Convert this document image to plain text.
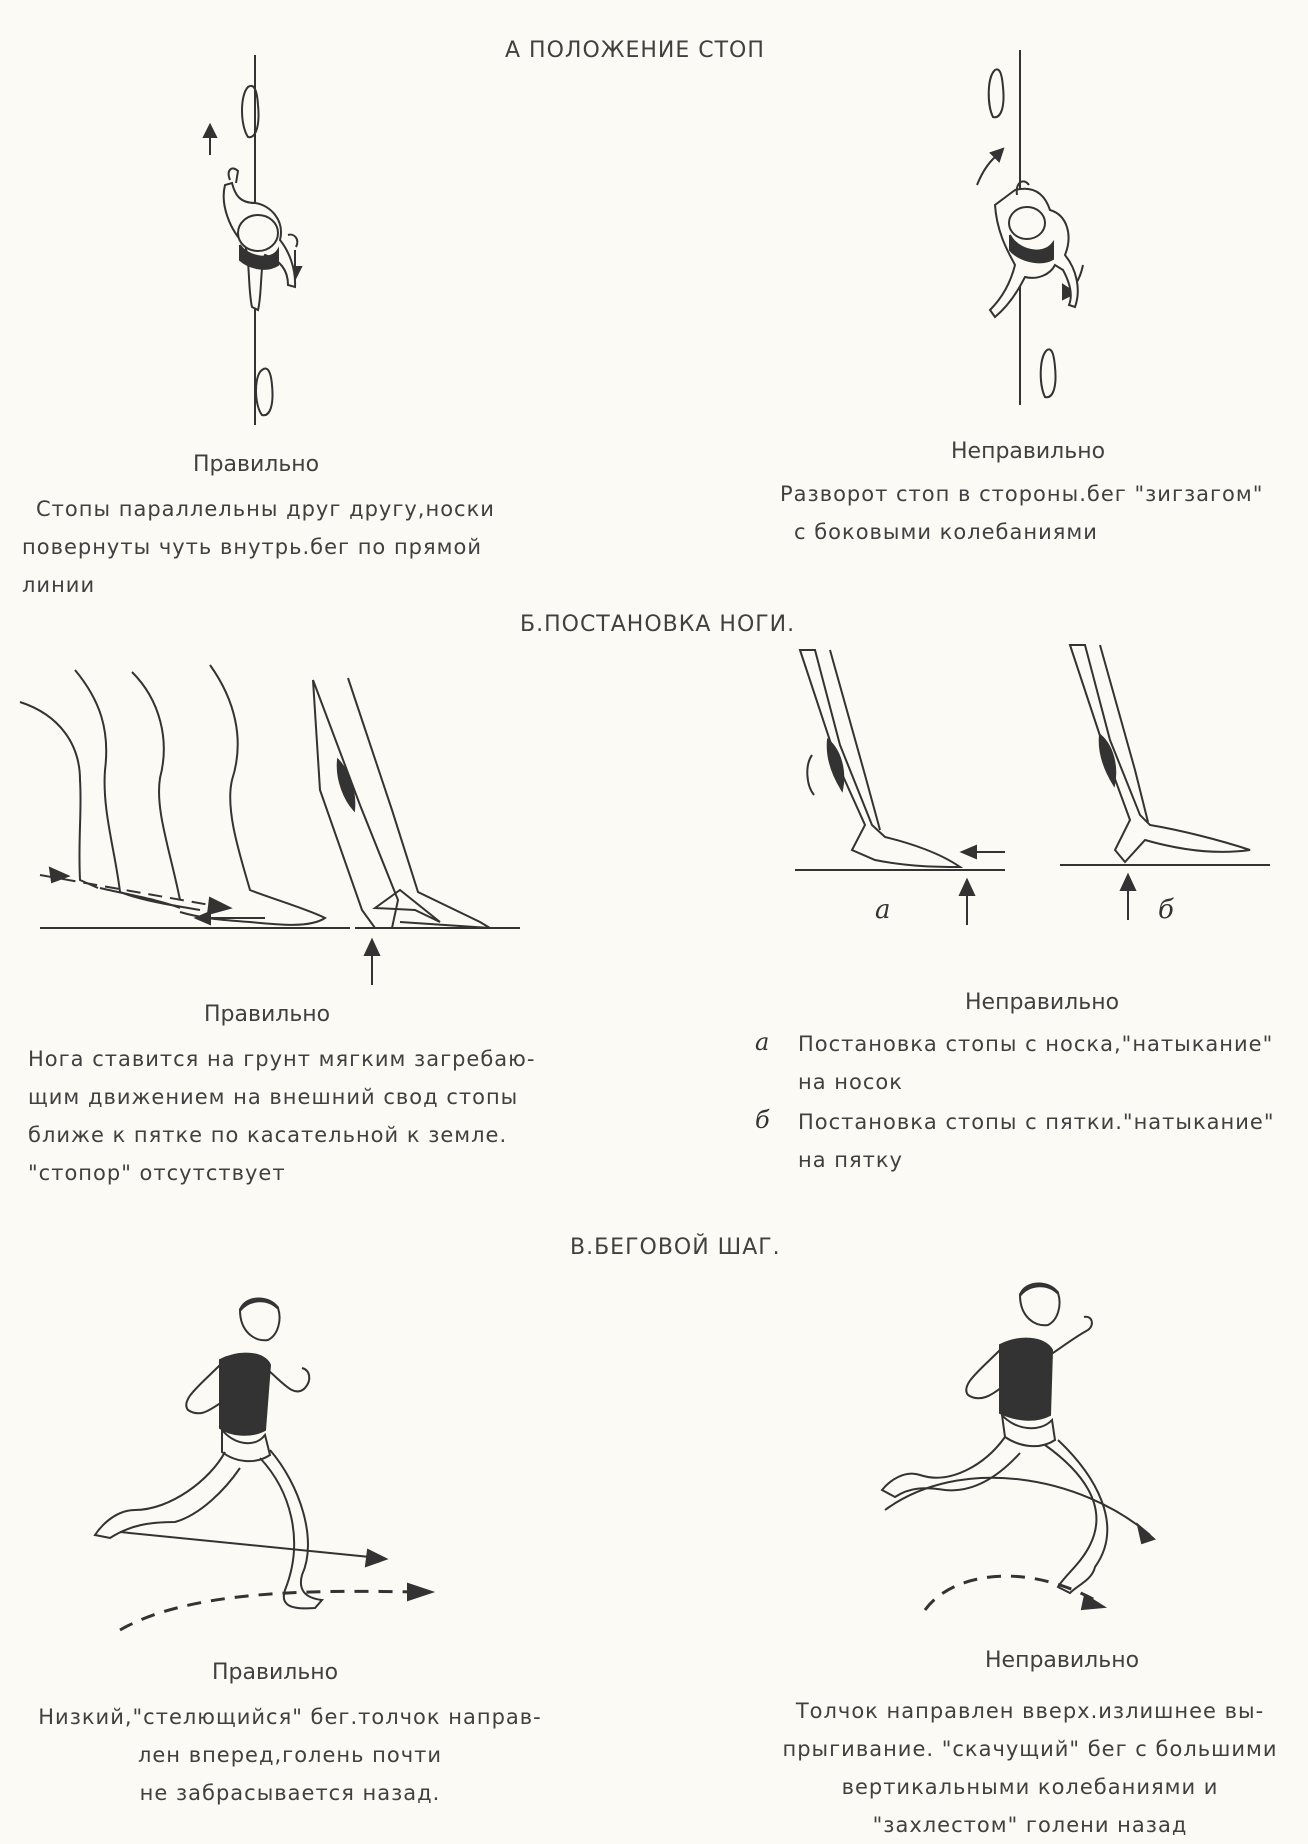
А ПОЛОЖЕНИЕ СТОП
Правильно
Стопы параллельны друг другу,носки
повернуты чуть внутрь.бег по прямой
линии
Неправильно
Разворот стоп в стороны.бег "зигзагом"
с боковыми колебаниями
Б.ПОСТАНОВКА НОГИ.
Правильно
Нога ставится на грунт мягким загребаю-
щим движением на внешний свод стопы
ближе к пятке по касательной к земле.
"стопор" отсутствует
а	б
Неправильно
а	Постановка стопы с носка,"натыкание"
на носок
б	Постановка стопы с пятки."натыкание"
на пятку
В.БЕГОВОЙ ШАГ.
Правильно
Низкий,"стелющийся" бег.толчок направ-
лен вперед,голень почти
не забрасывается назад.
Неправильно
Толчок направлен вверх.излишнее вы-
прыгивание. "скачущий" бег с большими
вертикальными колебаниями и
"захлестом" голени назад
